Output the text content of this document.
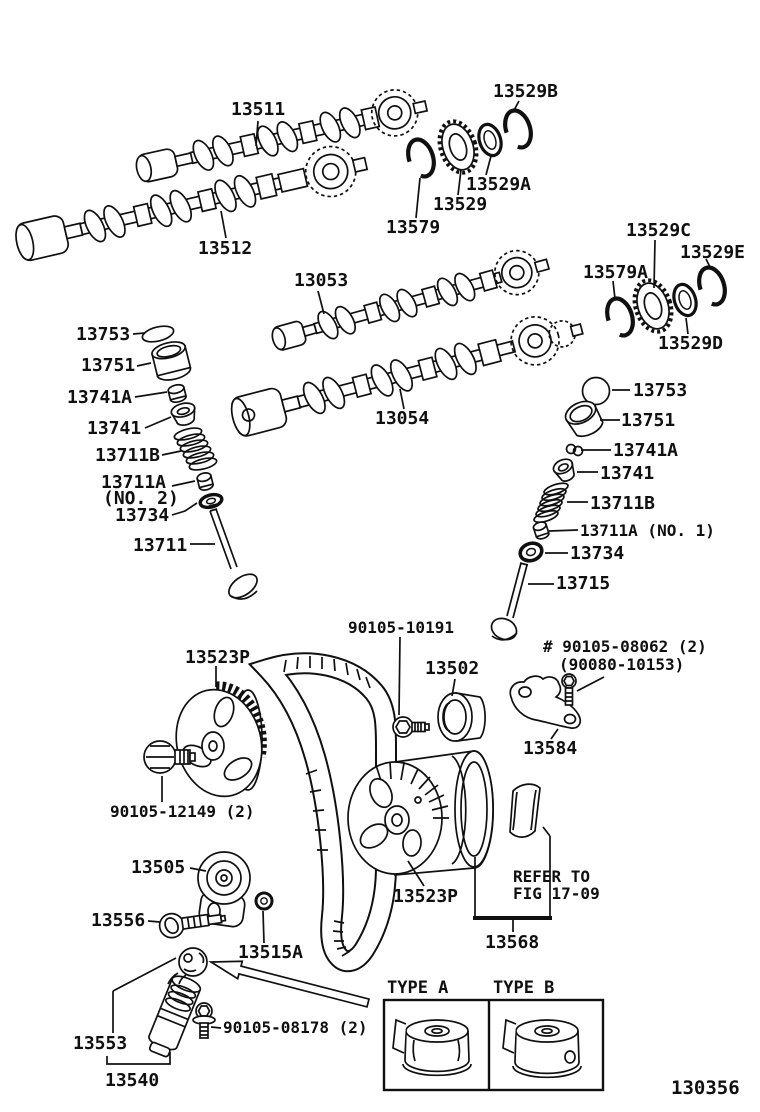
13511
13512
13529B
13529A
13529
13579
13053
13054
13579A
13529C
13529E
13529D
13753
13751
13741A
13741
13711B
13711A
(NO. 2)
13734
13711
13753
13751
13741A
13741
13711B
13711A (NO. 1)
13734
13715
90105-10191
13502
# 90105-08062 (2)
(90080-10153)
13584
13523P
90105-12149 (2)
13505
13556
13515A
13523P
REFER TO
FIG 17-09
13568
13553
90105-08178 (2)
13540
TYPE A	TYPE B
130356
